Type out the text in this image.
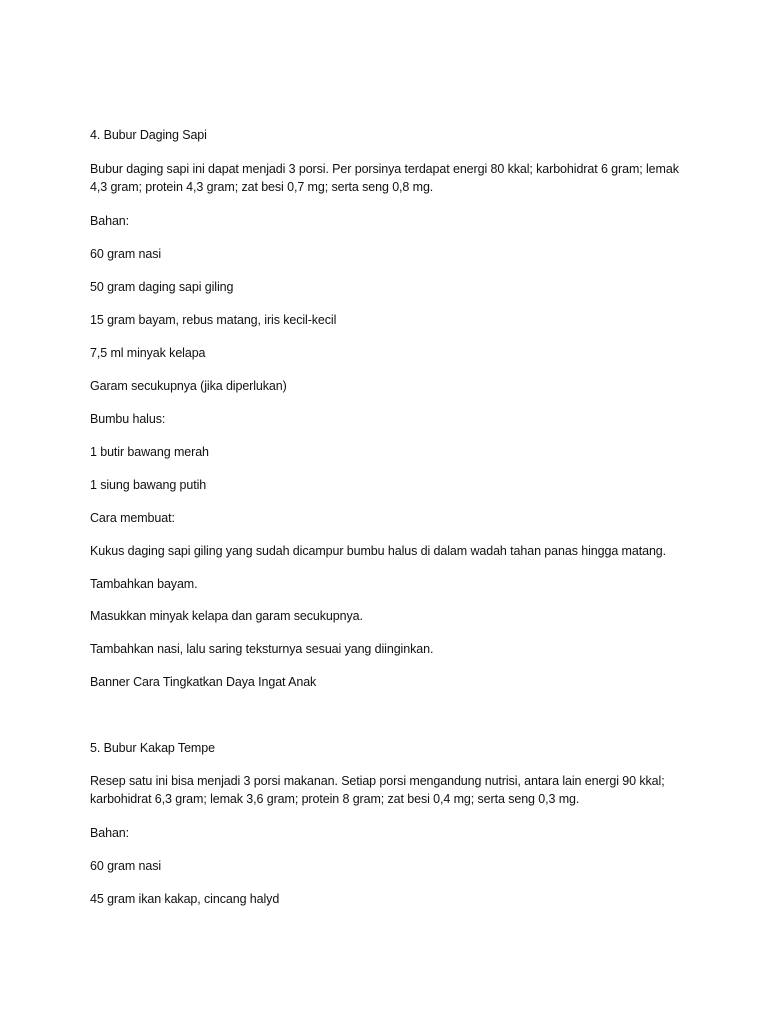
4. Bubur Daging Sapi
Bubur daging sapi ini dapat menjadi 3 porsi. Per porsinya terdapat energi 80 kkal; karbohidrat 6 gram; lemak 4,3 gram; protein 4,3 gram; zat besi 0,7 mg; serta seng 0,8 mg.
Bahan:
60 gram nasi
50 gram daging sapi giling
15 gram bayam, rebus matang, iris kecil-kecil
7,5 ml minyak kelapa
Garam secukupnya (jika diperlukan)
Bumbu halus:
1 butir bawang merah
1 siung bawang putih
Cara membuat:
Kukus daging sapi giling yang sudah dicampur bumbu halus di dalam wadah tahan panas hingga matang.
Tambahkan bayam.
Masukkan minyak kelapa dan garam secukupnya.
Tambahkan nasi, lalu saring teksturnya sesuai yang diinginkan.
Banner Cara Tingkatkan Daya Ingat Anak
5. Bubur Kakap Tempe
Resep satu ini bisa menjadi 3 porsi makanan. Setiap porsi mengandung nutrisi, antara lain energi 90 kkal; karbohidrat 6,3 gram; lemak 3,6 gram; protein 8 gram; zat besi 0,4 mg; serta seng 0,3 mg.
Bahan:
60 gram nasi
45 gram ikan kakap, cincang halyd
